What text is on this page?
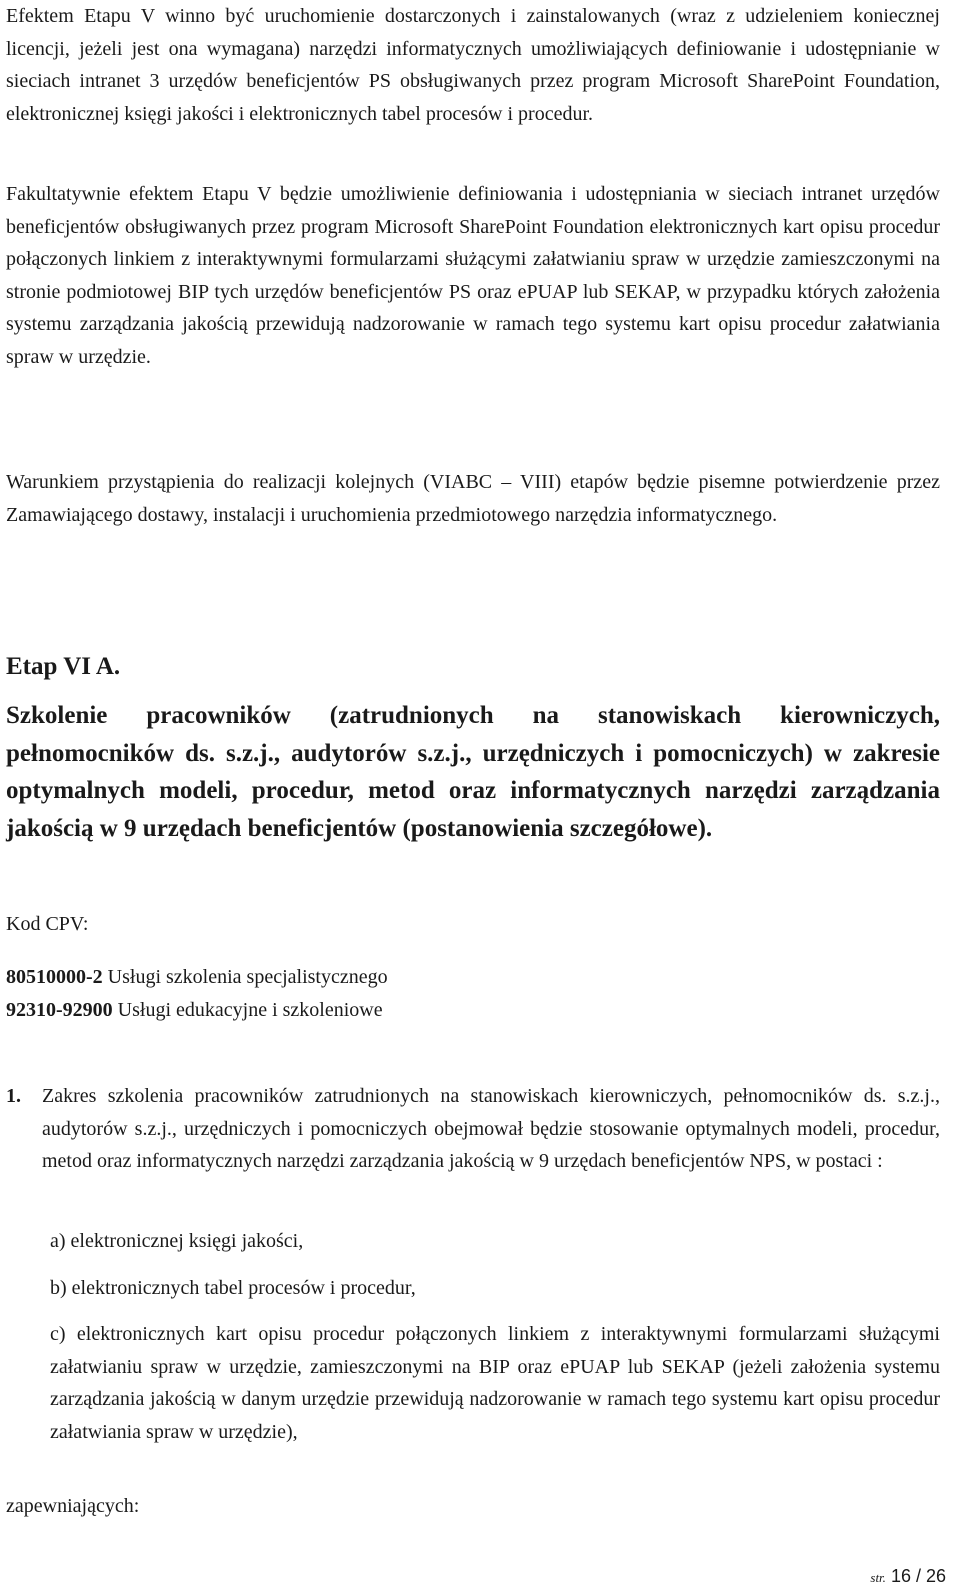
Efektem Etapu V winno być uruchomienie dostarczonych i zainstalowanych (wraz z udzieleniem koniecznej licencji, jeżeli jest ona wymagana) narzędzi informatycznych umożliwiających definiowanie i udostępnianie w sieciach intranet 3 urzędów beneficjentów PS obsługiwanych przez program Microsoft SharePoint Foundation, elektronicznej księgi jakości i elektronicznych tabel procesów i procedur.

Fakultatywnie efektem Etapu V będzie umożliwienie definiowania i udostępniania w sieciach intranet urzędów beneficjentów obsługiwanych przez program Microsoft SharePoint Foundation elektronicznych kart opisu procedur połączonych linkiem z interaktywnymi formularzami służącymi załatwianiu spraw w urzędzie zamieszczonymi na stronie podmiotowej BIP tych urzędów beneficjentów PS oraz ePUAP lub SEKAP, w przypadku których założenia systemu zarządzania jakością przewidują nadzorowanie w ramach tego systemu kart opisu procedur załatwiania spraw w urzędzie.

Warunkiem przystąpienia do realizacji kolejnych (VIABC – VIII) etapów będzie pisemne potwierdzenie przez Zamawiającego dostawy, instalacji i uruchomienia przedmiotowego narzędzia informatycznego.

Etap VI A.

Szkolenie pracowników (zatrudnionych na stanowiskach kierowniczych, pełnomocników ds. s.z.j., audytorów s.z.j., urzędniczych i pomocniczych) w zakresie optymalnych modeli, procedur, metod oraz informatycznych narzędzi zarządzania jakością w 9 urzędach beneficjentów (postanowienia szczegółowe).

Kod CPV:

80510000-2 Usługi szkolenia specjalistycznego

92310-92900 Usługi edukacyjne i szkoleniowe

1. Zakres szkolenia pracowników zatrudnionych na stanowiskach kierowniczych, pełnomocników ds. s.z.j., audytorów s.z.j., urzędniczych i pomocniczych obejmował będzie stosowanie optymalnych modeli, procedur, metod oraz informatycznych narzędzi zarządzania jakością w 9 urzędach beneficjentów NPS, w postaci :

a) elektronicznej księgi jakości,

b) elektronicznych tabel procesów i procedur,

c) elektronicznych kart opisu procedur połączonych linkiem z interaktywnymi formularzami służącymi załatwianiu spraw w urzędzie, zamieszczonymi na BIP oraz ePUAP lub SEKAP (jeżeli założenia systemu zarządzania jakością w danym urzędzie przewidują nadzorowanie w ramach tego systemu kart opisu procedur załatwiania spraw w urzędzie),

zapewniających:

str. 16 / 26
